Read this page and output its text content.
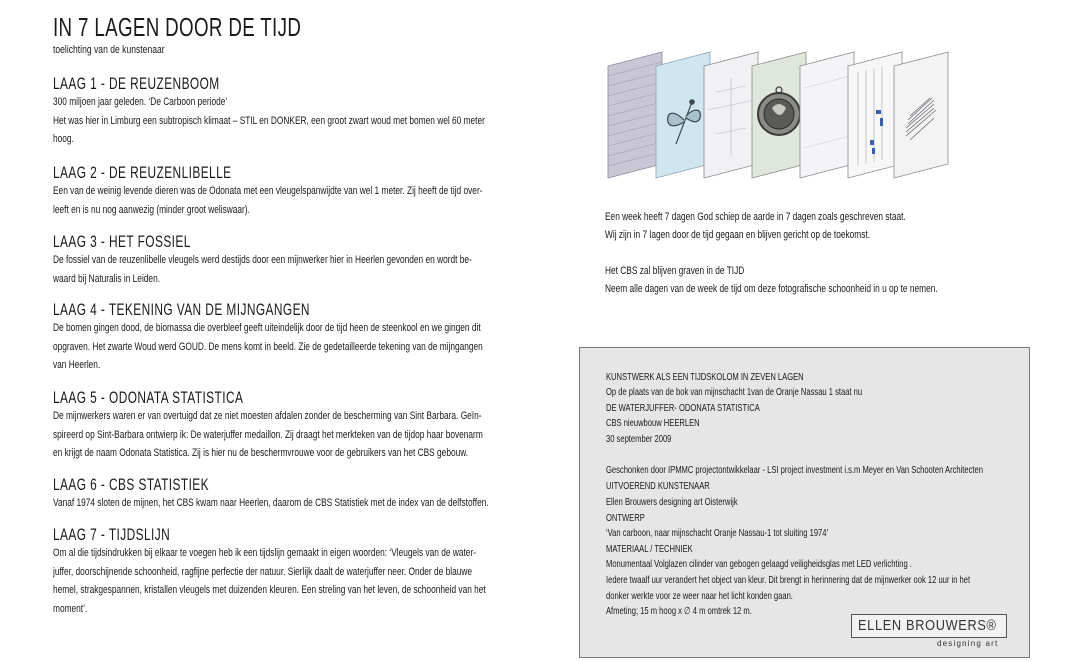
IN 7 LAGEN DOOR DE TIJD
toelichting van de kunstenaar
LAAG 1 - DE REUZENBOOM
300 miljoen jaar geleden. ‘De Carboon periode’
Het was hier in Limburg een subtropisch klimaat – STIL en DONKER, een groot zwart woud met bomen wel 60 meter
hoog.
LAAG 2 - DE REUZENLIBELLE
Een van de weinig levende dieren was de Odonata met een vleugelspanwijdte van wel 1 meter. Zij heeft de tijd over-
leeft en is nu nog aanwezig (minder groot weliswaar).
LAAG 3 - HET FOSSIEL
De fossiel van de reuzenlibelle vleugels werd destijds door een mijnwerker hier in Heerlen gevonden en wordt be-
waard bij Naturalis in Leiden.
LAAG 4 - TEKENING VAN DE MIJNGANGEN
De bomen gingen dood, de biomassa die overbleef geeft uiteindelijk door de tijd heen de steenkool en we gingen dit
opgraven. Het zwarte Woud werd GOUD. De mens komt in beeld. Zie de gedetailleerde tekening van de mijngangen
van Heerlen.
LAAG 5 - ODONATA STATISTICA
De mijnwerkers waren er van overtuigd dat ze niet moesten afdalen zonder de bescherming van Sint Barbara. Geïn-
spireerd op Sint-Barbara ontwierp ik: De waterjuffer medaillon. Zij draagt het merkteken van de tijdop haar bovenarm
en krijgt de naam Odonata Statistica. Zij is hier nu de beschermvrouwe voor de gebruikers van het CBS gebouw.
LAAG 6 - CBS STATISTIEK
Vanaf 1974 sloten de mijnen, het CBS kwam naar Heerlen, daarom de CBS Statistiek met de index van de delfstoffen.
LAAG 7 - TIJDSLIJN
Om al die tijdsindrukken bij elkaar te voegen heb ik een tijdslijn gemaakt in eigen woorden: ‘Vleugels van de water-
juffer, doorschijnende schoonheid, ragfijne perfectie der natuur. Sierlijk daalt de waterjuffer neer. Onder de blauwe
hemel, strakgespannen, kristallen vleugels met duizenden kleuren. Een streling van het leven, de schoonheid van het
moment’.
Een week heeft 7 dagen God schiep de aarde in 7 dagen zoals geschreven staat.
Wij zijn in 7 lagen door de tijd gegaan en blijven gericht op de toekomst.
Het CBS zal blijven graven in de TIJD
Neem alle dagen van de week de tijd om deze fotografische schoonheid in u op te nemen.
KUNSTWERK ALS EEN TIJDSKOLOM IN ZEVEN LAGEN
Op de plaats van de bok van mijnschacht 1van de Oranje Nassau 1 staat nu
DE WATERJUFFER- ODONATA STATISTICA
CBS nieuwbouw HEERLEN
30 september 2009
Geschonken door IPMMC projectontwikkelaar - LSI project investment i.s.m Meyer en Van Schooten Architecten
UITVOEREND KUNSTENAAR
Ellen Brouwers designing art Oisterwijk
ONTWERP
‘Van carboon, naar mijnschacht Oranje Nassau-1 tot sluiting 1974’
MATERIAAL / TECHNIEK
Monumentaal Volglazen cilinder van gebogen gelaagd veiligheidsglas met LED verlichting .
Iedere twaalf uur verandert het object van kleur. Dit brengt in herinnering dat de mijnwerker ook 12 uur in het
donker werkte voor ze weer naar het licht konden gaan.
Afmeting; 15 m hoog x ∅ 4 m omtrek 12 m.
ELLEN BROUWERS®
designing art
